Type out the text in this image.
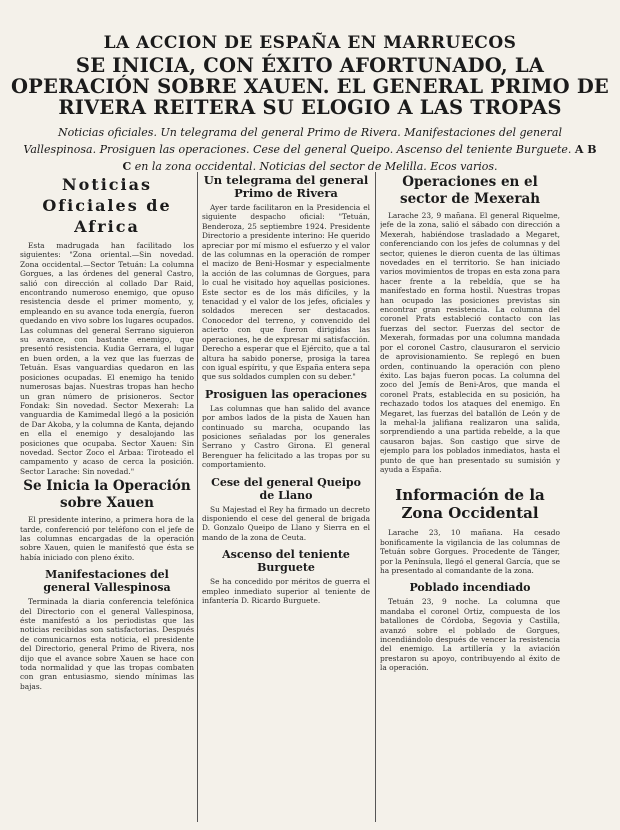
LA ACCION DE ESPAÑA EN MARRUECOS
SE INICIA, CON ÉXITO AFORTUNADO, LA OPERACIÓN SOBRE XAUEN. EL GENERAL PRIMO DE RIVERA REITERA SU ELOGIO A LAS TROPAS
Noticias oficiales. Un telegrama del general Primo de Rivera. Manifestaciones del general Vallespinosa. Prosiguen las operaciones. Cese del general Queipo. Ascenso del teniente Burguete. A B C en la zona occidental. Noticias del sector de Melilla. Ecos varios.
Noticias Oficiales de Africa

Esta madrugada han facilitado los siguientes: "Zona oriental.—Sin novedad. Zona occidental.—Sector Tetuán: La columna Gorgues, a las órdenes del general Castro, salió con dirección al collado Dar Raid, encontrando numeroso enemigo, que opuso resistencia desde el primer momento, y, empleando en su avance toda energía, fueron quedando en vivo sobre los lugares ocupados. Las columnas del general Serrano siguieron su avance, con bastante enemigo, que presentó resistencia. Kudia Gerrara, el lugar en buen orden, a la vez que las fuerzas de Tetuán. Esas vanguardias quedaron en las posiciones ocupadas. El enemigo ha tenido numerosas bajas. Nuestras tropas han hecho un gran número de prisioneros. Sector Fondak: Sin novedad. Sector Mexerah: La vanguardia de Kamimedal llegó a la posición de Dar Akoba, y la columna de Kanta, dejando en ella el enemigo y desalojando las posiciones que ocupaba. Sector Xauen: Sin novedad. Sector Zoco el Arbaa: Tiroteado el campamento y acaso de cerca la posición. Sector Larache: Sin novedad."

Se Inicia la Operación sobre Xauen

El presidente interino, a primera hora de la tarde, conferenció por teléfono con el jefe de las columnas encargadas de la operación sobre Xauen, quien le manifestó que ésta se había iniciado con pleno éxito.

Manifestaciones del general Vallespinosa

Terminada la diaria conferencia telefónica del Directorio con el general Vallespinosa, éste manifestó a los periodistas que las noticias recibidas son satisfactorias. Después de comunicarnos esta noticia, el presidente del Directorio, general Primo de Rivera, nos dijo que el avance sobre Xauen se hace con toda normalidad y que las tropas combaten con gran entusiasmo, siendo mínimas las bajas.

Un telegrama del general Primo de Rivera

Ayer tarde facilitaron en la Presidencia el siguiente despacho oficial: "Tetuán, Benderoza, 25 septiembre 1924. Presidente Directorio a presidente interino: He querido apreciar por mí mismo el esfuerzo y el valor de las columnas en la operación de romper el macizo de Beni-Hosmar y especialmente la acción de las columnas de Gorgues, para lo cual he visitado hoy aquellas posiciones. Este sector es de los más difíciles, y la tenacidad y el valor de los jefes, oficiales y soldados merecen ser destacados. Conocedor del terreno, y convencido del acierto con que fueron dirigidas las operaciones, he de expresar mi satisfacción. Derecho a esperar que el Ejército, que a tal altura ha sabido ponerse, prosiga la tarea con igual espíritu, y que España entera sepa que sus soldados cumplen con su deber."

Prosiguen las operaciones

Las columnas que han salido del avance por ambos lados de la pista de Xauen han continuado su marcha, ocupando las posiciones señaladas por los generales Serrano y Castro Girona. El general Berenguer ha felicitado a las tropas por su comportamiento.

Cese del general Queipo de Llano

Su Majestad el Rey ha firmado un decreto disponiendo el cese del general de brigada D. Gonzalo Queipo de Llano y Sierra en el mando de la zona de Ceuta.

Ascenso del teniente Burguete

Se ha concedido por méritos de guerra el empleo inmediato superior al teniente de infantería D. Ricardo Burguete.

Operaciones en el sector de Mexerah

Larache 23, 9 mañana. El general Riquelme, jefe de la zona, salió el sábado con dirección a Mexerah, habiéndose trasladado a Megaret, conferenciando con los jefes de columnas y del sector, quienes le dieron cuenta de las últimas novedades en el territorio. Se han iniciado varios movimientos de tropas en esta zona para hacer frente a la rebeldía, que se ha manifestado en forma hostil. Nuestras tropas han ocupado las posiciones previstas sin encontrar gran resistencia. La columna del coronel Prats estableció contacto con las fuerzas del sector. Fuerzas del sector de Mexerah, formadas por una columna mandada por el coronel Castro, clausuraron el servicio de aprovisionamiento. Se replegó en buen orden, continuando la operación con pleno éxito. Las bajas fueron pocas. La columna del zoco del Jemís de Beni-Aros, que manda el coronel Prats, establecida en su posición, ha rechazado todos los ataques del enemigo. En Megaret, las fuerzas del batallón de León y de la mehal-la jalifiana realizaron una salida, sorprendiendo a una partida rebelde, a la que causaron bajas. Son castigo que sirve de ejemplo para los poblados inmediatos, hasta el punto de que han presentado su sumisión y ayuda a España.

Información de la Zona Occidental

Larache 23, 10 mañana. Ha cesado bonificamente la vigilancia de las columnas de Tetuán sobre Gorgues. Procedente de Tánger, por la Península, llegó el general García, que se ha presentado al comandante de la zona.

Poblado incendiado

Tetuán 23, 9 noche. La columna que mandaba el coronel Ortiz, compuesta de los batallones de Córdoba, Segovia y Castilla, avanzó sobre el poblado de Gorgues, incendiándolo después de vencer la resistencia del enemigo. La artillería y la aviación prestaron su apoyo, contribuyendo al éxito de la operación.
